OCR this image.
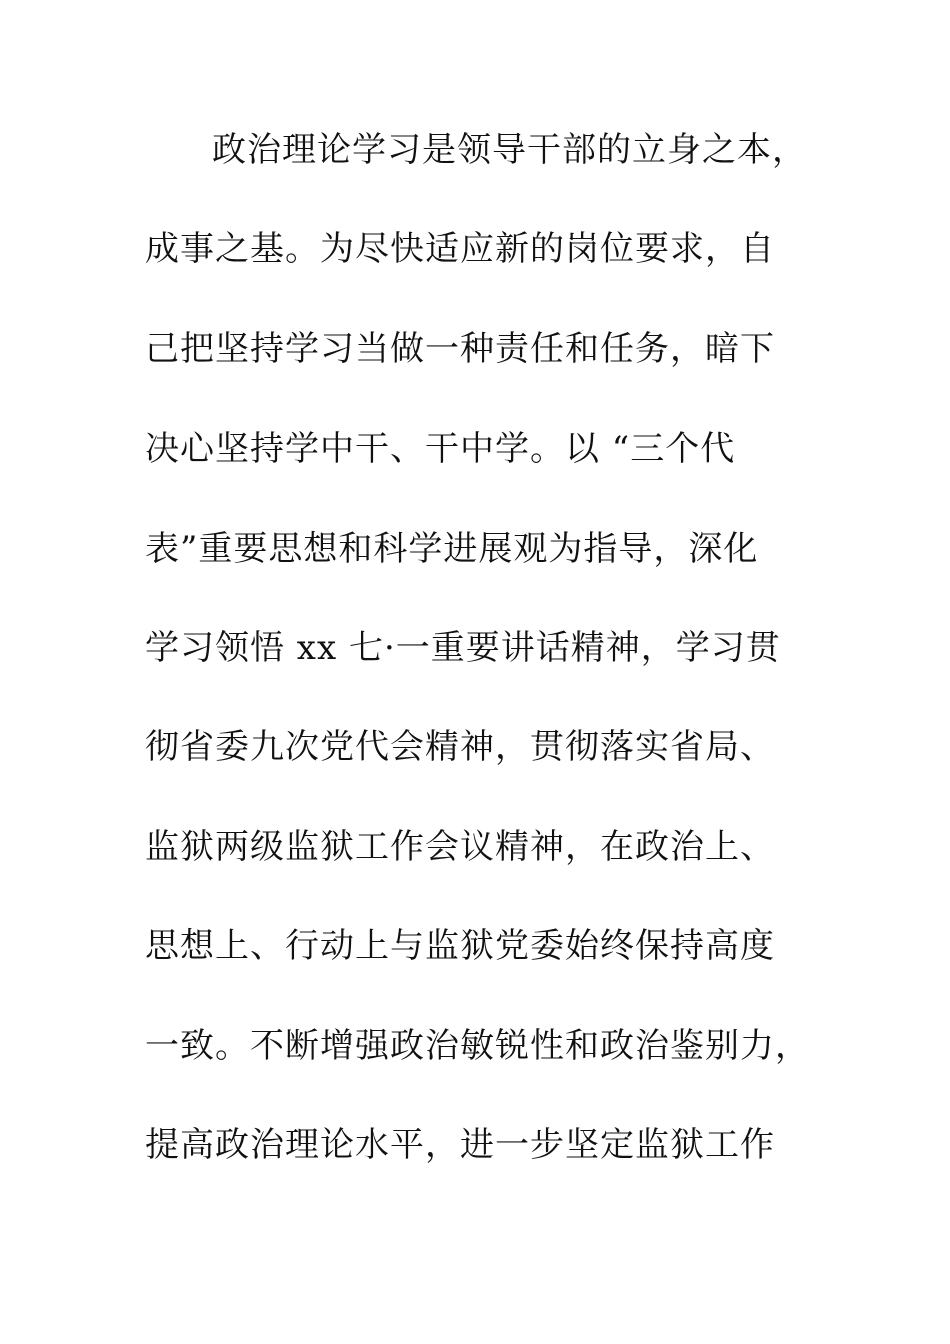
政治理论学习是领导干部的立身之本，
成事之基。为尽快适应新的岗位要求，自
己把坚持学习当做一种责任和任务，暗下
决心坚持学中干、干中学。以 “三个代
表”重要思想和科学进展观为指导，深化
学习领悟 xx 七·一重要讲话精神，学习贯
彻省委九次党代会精神，贯彻落实省局、
监狱两级监狱工作会议精神，在政治上、
思想上、行动上与监狱党委始终保持高度
一致。不断增强政治敏锐性和政治鉴别力，
提高政治理论水平，进一步坚定监狱工作
